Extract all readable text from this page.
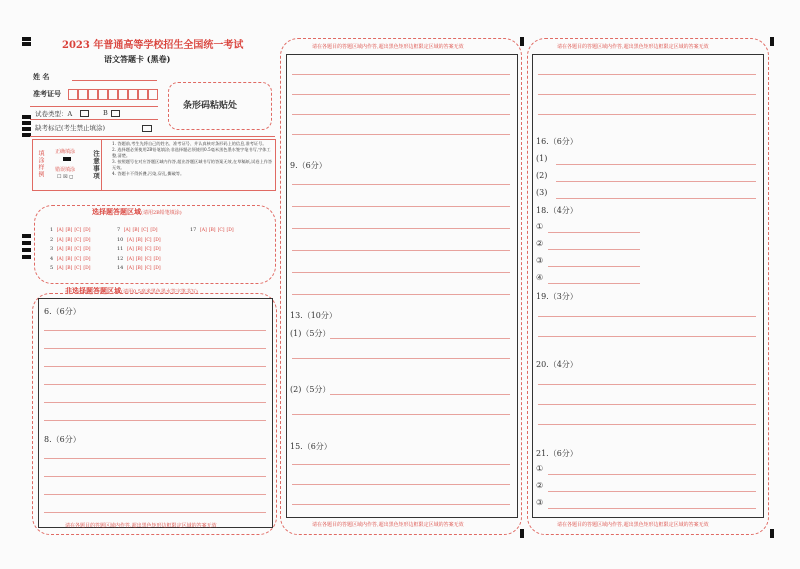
2023 年普通高等学校招生全国统一考试
语文答题卡 (黑卷)
姓 名
准考证号
条形码粘贴处
试卷类型：A	B
缺考标记(考生禁止填涂)
填涂样例 正确填涂
错误填涂
☐ ☒ ◻	注意事项
1. 答题前,考生先将自己的姓名、准考证号、并认真核对条形码上的信息,准考证号。
2. 选择题必须使用2B铅笔填涂;非选择题必须使用0.5毫米黑色墨水签字笔书写,字体工整,清楚。
3. 按照题号在对应答题区域内作答,超出答题区域书写的答案无效,在草稿纸,试卷上作答无效。
4. 答题卡不得折叠,污染,穿孔,撕破等。
选择题答题区域(请用2B铅笔填涂)
1 [A] [B] [C] [D]
2 [A] [B] [C] [D]
3 [A] [B] [C] [D]
4 [A] [B] [C] [D]
5 [A] [B] [C] [D]
7 [A] [B] [C] [D]
10 [A] [B] [C] [D]
11 [A] [B] [C] [D]
12 [A] [B] [C] [D]
14 [A] [B] [C] [D]
17 [A] [B] [C] [D]
非选择题答题区域(请用0.5毫米黑色墨水签字笔书写)
6.（6分）
8.（6分）
请在各题目的答题区域内作答,超出黑色矩形边框限定区域的答案无效
请在各题目的答题区域内作答,超出黑色矩形边框限定区域的答案无效
9.（6分）
13.（10分）
(1)（5分）
(2)（5分）
15.（6分）
请在各题目的答题区域内作答,超出黑色矩形边框限定区域的答案无效
请在各题目的答题区域内作答,超出黑色矩形边框限定区域的答案无效
16.（6分）
(1)
(2)
(3)
18.（4分）
①
②
③
④
19.（3分）
20.（4分）
21.（6分）
①
②
③
请在各题目的答题区域内作答,超出黑色矩形边框限定区域的答案无效
